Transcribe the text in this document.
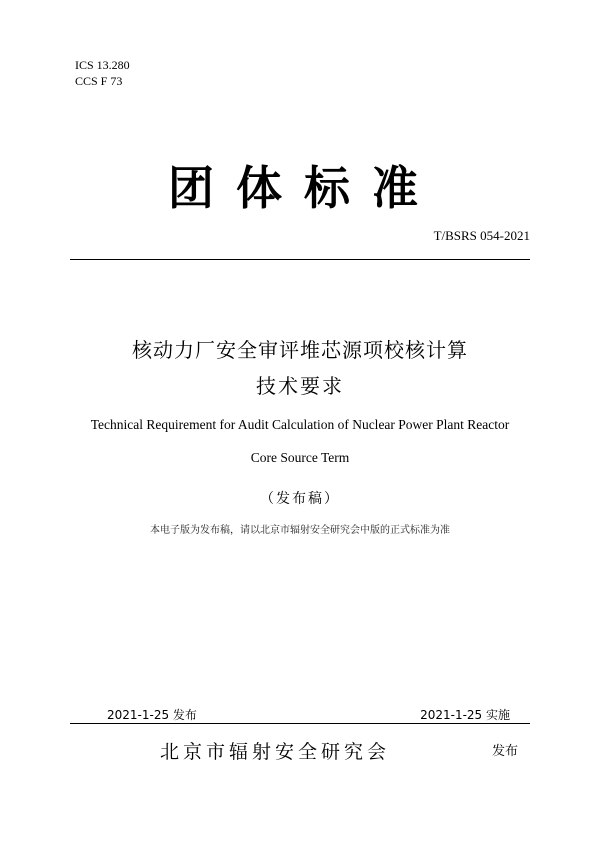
ICS 13.280
CCS F 73
团体标准
T/BSRS 054-2021
核动力厂安全审评堆芯源项校核计算
技术要求
Technical Requirement for Audit Calculation of Nuclear Power Plant Reactor
Core Source Term
（发布稿）
本电子版为发布稿，请以北京市辐射安全研究会中版的正式标准为准
2021-1-25 发布	2021-1-25 实施
北京市辐射安全研究会	发布
